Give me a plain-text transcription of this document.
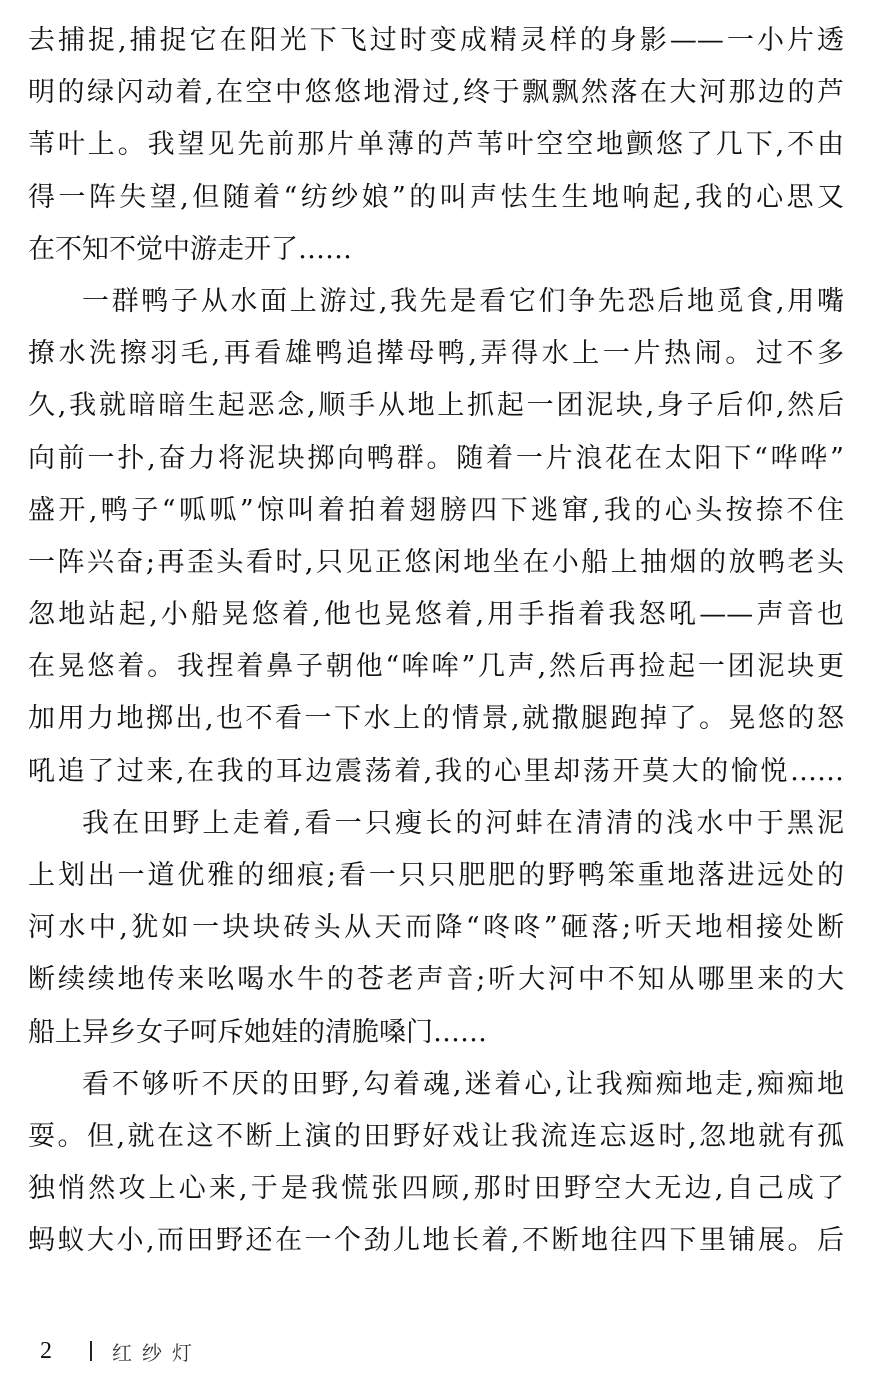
去捕捉,捕捉它在阳光下飞过时变成精灵样的身影——一小片透
明的绿闪动着,在空中悠悠地滑过,终于飘飘然落在大河那边的芦
苇叶上。我望见先前那片单薄的芦苇叶空空地颤悠了几下,不由
得一阵失望,但随着“纺纱娘”的叫声怯生生地响起,我的心思又
在不知不觉中游走开了……
一群鸭子从水面上游过,我先是看它们争先恐后地觅食,用嘴
撩水洗擦羽毛,再看雄鸭追撵母鸭,弄得水上一片热闹。过不多
久,我就暗暗生起恶念,顺手从地上抓起一团泥块,身子后仰,然后
向前一扑,奋力将泥块掷向鸭群。随着一片浪花在太阳下“哗哗”
盛开,鸭子“呱呱”惊叫着拍着翅膀四下逃窜,我的心头按捺不住
一阵兴奋;再歪头看时,只见正悠闲地坐在小船上抽烟的放鸭老头
忽地站起,小船晃悠着,他也晃悠着,用手指着我怒吼——声音也
在晃悠着。我捏着鼻子朝他“哞哞”几声,然后再捡起一团泥块更
加用力地掷出,也不看一下水上的情景,就撒腿跑掉了。晃悠的怒
吼追了过来,在我的耳边震荡着,我的心里却荡开莫大的愉悦……
我在田野上走着,看一只瘦长的河蚌在清清的浅水中于黑泥
上划出一道优雅的细痕;看一只只肥肥的野鸭笨重地落进远处的
河水中,犹如一块块砖头从天而降“咚咚”砸落;听天地相接处断
断续续地传来吆喝水牛的苍老声音;听大河中不知从哪里来的大
船上异乡女子呵斥她娃的清脆嗓门……
看不够听不厌的田野,勾着魂,迷着心,让我痴痴地走,痴痴地
耍。但,就在这不断上演的田野好戏让我流连忘返时,忽地就有孤
独悄然攻上心来,于是我慌张四顾,那时田野空大无边,自己成了
蚂蚁大小,而田野还在一个劲儿地长着,不断地往四下里铺展。后
2	红纱灯
